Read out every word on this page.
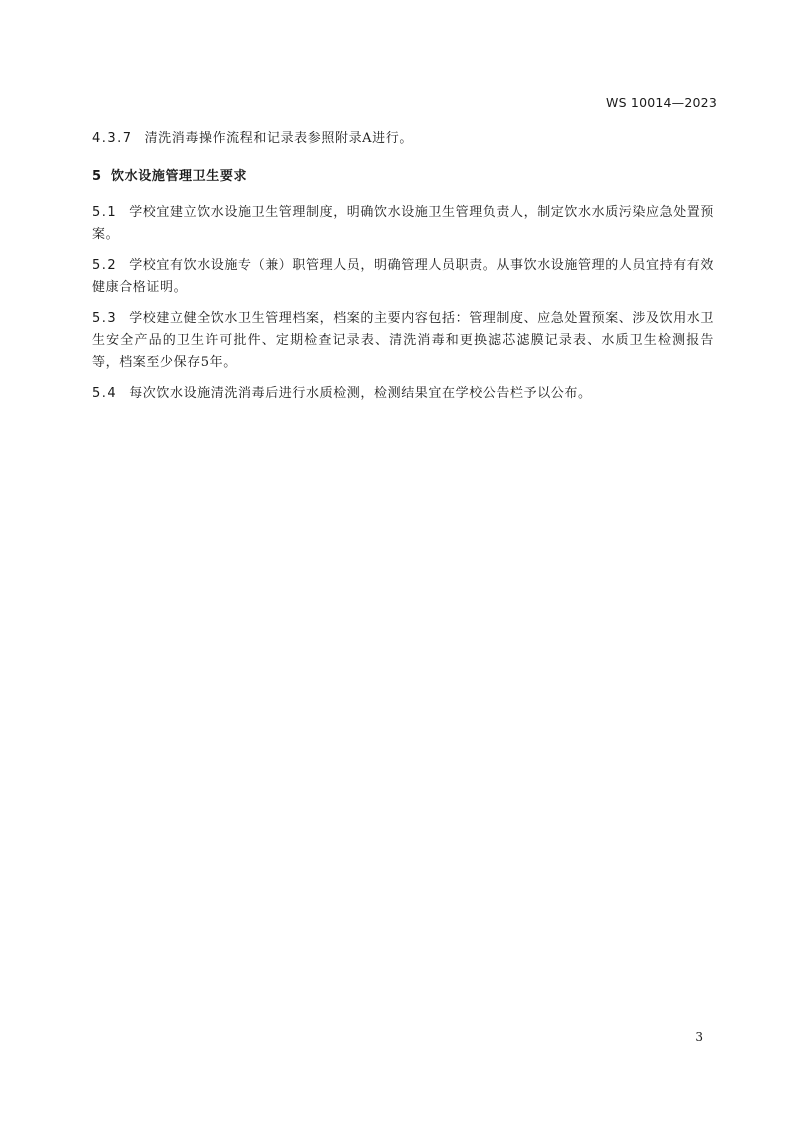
WS 10014—2023

4.3.7 清洗消毒操作流程和记录表参照附录A进行。

5 饮水设施管理卫生要求

5.1 学校宜建立饮水设施卫生管理制度，明确饮水设施卫生管理负责人，制定饮水水质污染应急处置预案。

5.2 学校宜有饮水设施专（兼）职管理人员，明确管理人员职责。从事饮水设施管理的人员宜持有有效健康合格证明。

5.3 学校建立健全饮水卫生管理档案，档案的主要内容包括：管理制度、应急处置预案、涉及饮用水卫生安全产品的卫生许可批件、定期检查记录表、清洗消毒和更换滤芯滤膜记录表、水质卫生检测报告等，档案至少保存5年。

5.4 每次饮水设施清洗消毒后进行水质检测，检测结果宜在学校公告栏予以公布。

3
